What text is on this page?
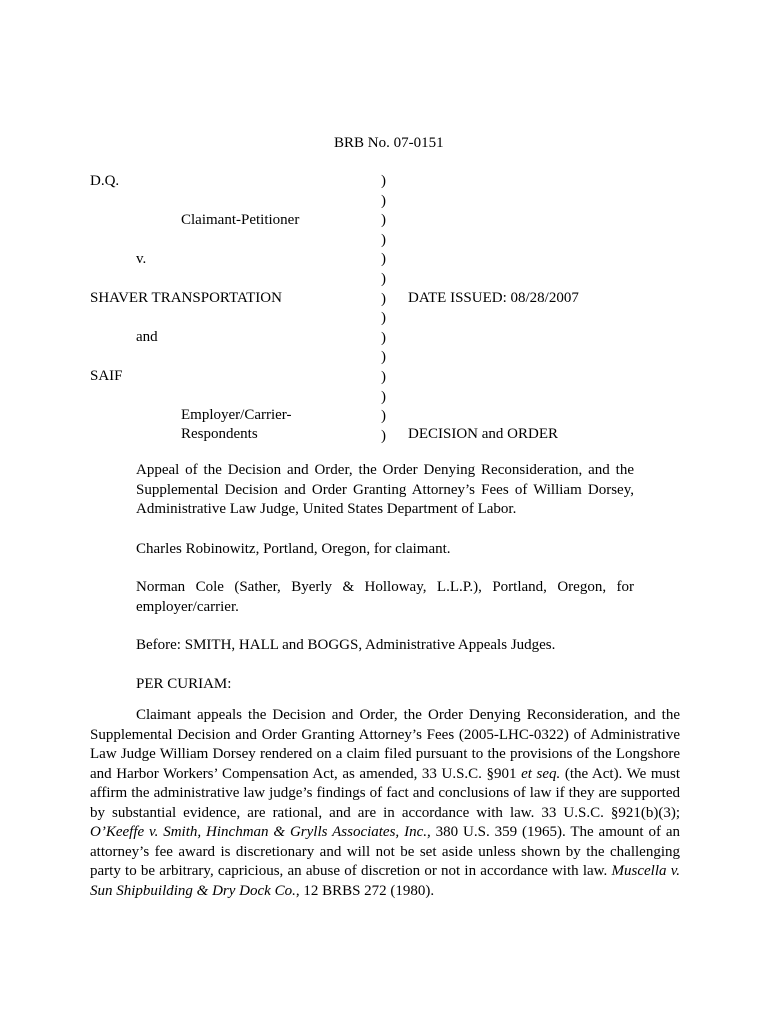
BRB No. 07-0151
D.Q.
Claimant-Petitioner
v.
SHAVER TRANSPORTATION
and
SAIF
Employer/Carrier-
Respondents
)
)
)
)
)
)
)
)
)
)
)
)
)
)
DATE ISSUED: 08/28/2007
DECISION and ORDER
Appeal of the Decision and Order, the Order Denying Reconsideration, and the Supplemental Decision and Order Granting Attorney’s Fees of William Dorsey, Administrative Law Judge, United States Department of Labor.
Charles Robinowitz, Portland, Oregon, for claimant.
Norman Cole (Sather, Byerly & Holloway, L.L.P.), Portland, Oregon, for employer/carrier.
Before: SMITH, HALL and BOGGS, Administrative Appeals Judges.
PER CURIAM:
Claimant appeals the Decision and Order, the Order Denying Reconsideration, and the Supplemental Decision and Order Granting Attorney’s Fees (2005-LHC-0322) of Administrative Law Judge William Dorsey rendered on a claim filed pursuant to the provisions of the Longshore and Harbor Workers’ Compensation Act, as amended, 33 U.S.C. §901 et seq. (the Act). We must affirm the administrative law judge’s findings of fact and conclusions of law if they are supported by substantial evidence, are rational, and are in accordance with law. 33 U.S.C. §921(b)(3); O’Keeffe v. Smith, Hinchman & Grylls Associates, Inc., 380 U.S. 359 (1965). The amount of an attorney’s fee award is discretionary and will not be set aside unless shown by the challenging party to be arbitrary, capricious, an abuse of discretion or not in accordance with law. Muscella v. Sun Shipbuilding & Dry Dock Co., 12 BRBS 272 (1980).
